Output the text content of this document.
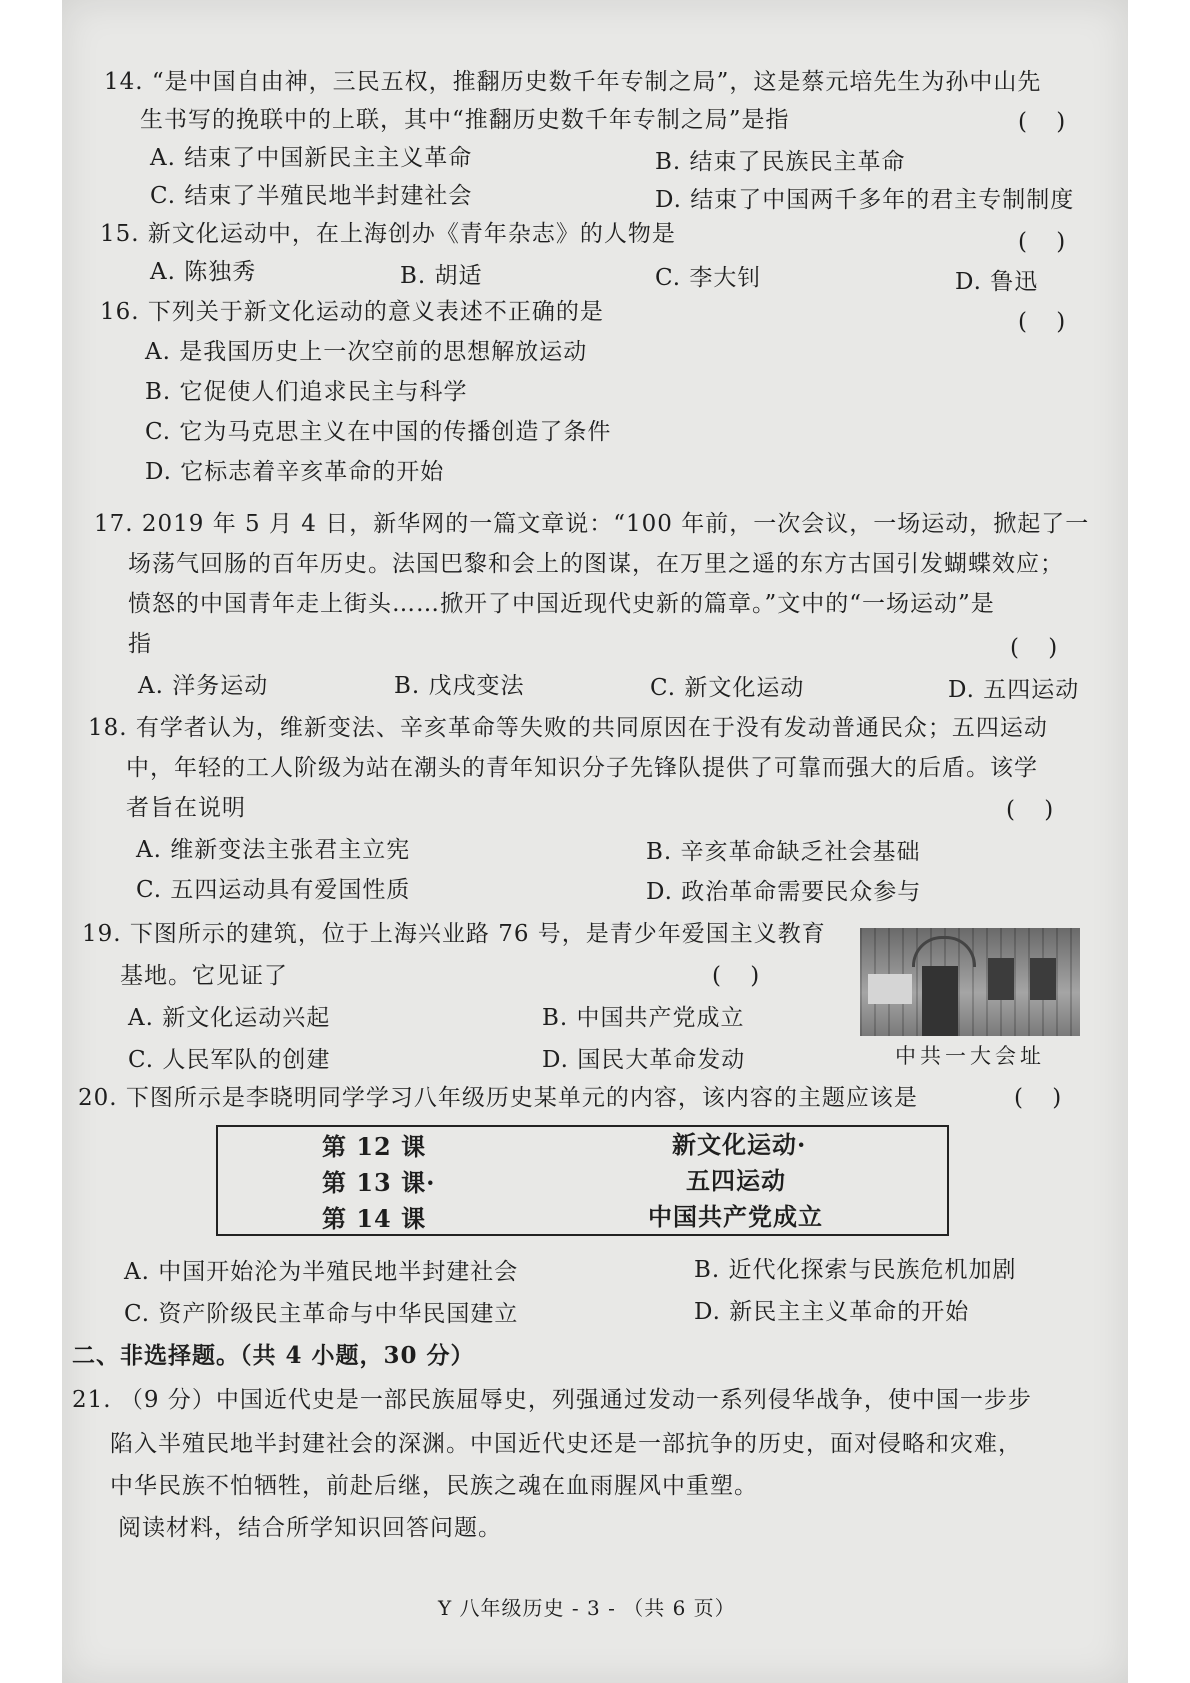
14. “是中国自由神，三民五权，推翻历史数千年专制之局”，这是蔡元培先生为孙中山先
生书写的挽联中的上联，其中“推翻历史数千年专制之局”是指	(    )
A. 结束了中国新民主主义革命	B. 结束了民族民主革命
C. 结束了半殖民地半封建社会	D. 结束了中国两千多年的君主专制制度
15. 新文化运动中，在上海创办《青年杂志》的人物是	(    )
A. 陈独秀	B. 胡适	C. 李大钊	D. 鲁迅
16. 下列关于新文化运动的意义表述不正确的是	(    )
A. 是我国历史上一次空前的思想解放运动
B. 它促使人们追求民主与科学
C. 它为马克思主义在中国的传播创造了条件
D. 它标志着辛亥革命的开始
17. 2019 年 5 月 4 日，新华网的一篇文章说：“100 年前，一次会议，一场运动，掀起了一
场荡气回肠的百年历史。法国巴黎和会上的图谋，在万里之遥的东方古国引发蝴蝶效应；
愤怒的中国青年走上街头……掀开了中国近现代史新的篇章。”文中的“一场运动”是
指	(    )
A. 洋务运动	B. 戊戌变法	C. 新文化运动	D. 五四运动
18. 有学者认为，维新变法、辛亥革命等失败的共同原因在于没有发动普通民众；五四运动
中，年轻的工人阶级为站在潮头的青年知识分子先锋队提供了可靠而强大的后盾。该学
者旨在说明	(    )
A. 维新变法主张君主立宪	B. 辛亥革命缺乏社会基础
C. 五四运动具有爱国性质	D. 政治革命需要民众参与
19. 下图所示的建筑，位于上海兴业路 76 号，是青少年爱国主义教育
基地。它见证了	(    )
A. 新文化运动兴起	B. 中国共产党成立
C. 人民军队的创建	D. 国民大革命发动	中共一大会址
20. 下图所示是李晓明同学学习八年级历史某单元的内容，该内容的主题应该是	(    )
第 12 课	新文化运动·
第 13 课·	五四运动
第 14 课	中国共产党成立
A. 中国开始沦为半殖民地半封建社会	B. 近代化探索与民族危机加剧
C. 资产阶级民主革命与中华民国建立	D. 新民主主义革命的开始
二、非选择题。（共 4 小题，30 分）
21. （9 分）中国近代史是一部民族屈辱史，列强通过发动一系列侵华战争，使中国一步步
陷入半殖民地半封建社会的深渊。中国近代史还是一部抗争的历史，面对侵略和灾难，
中华民族不怕牺牲，前赴后继，民族之魂在血雨腥风中重塑。
阅读材料，结合所学知识回答问题。
Y 八年级历史 - 3 - （共 6 页）
